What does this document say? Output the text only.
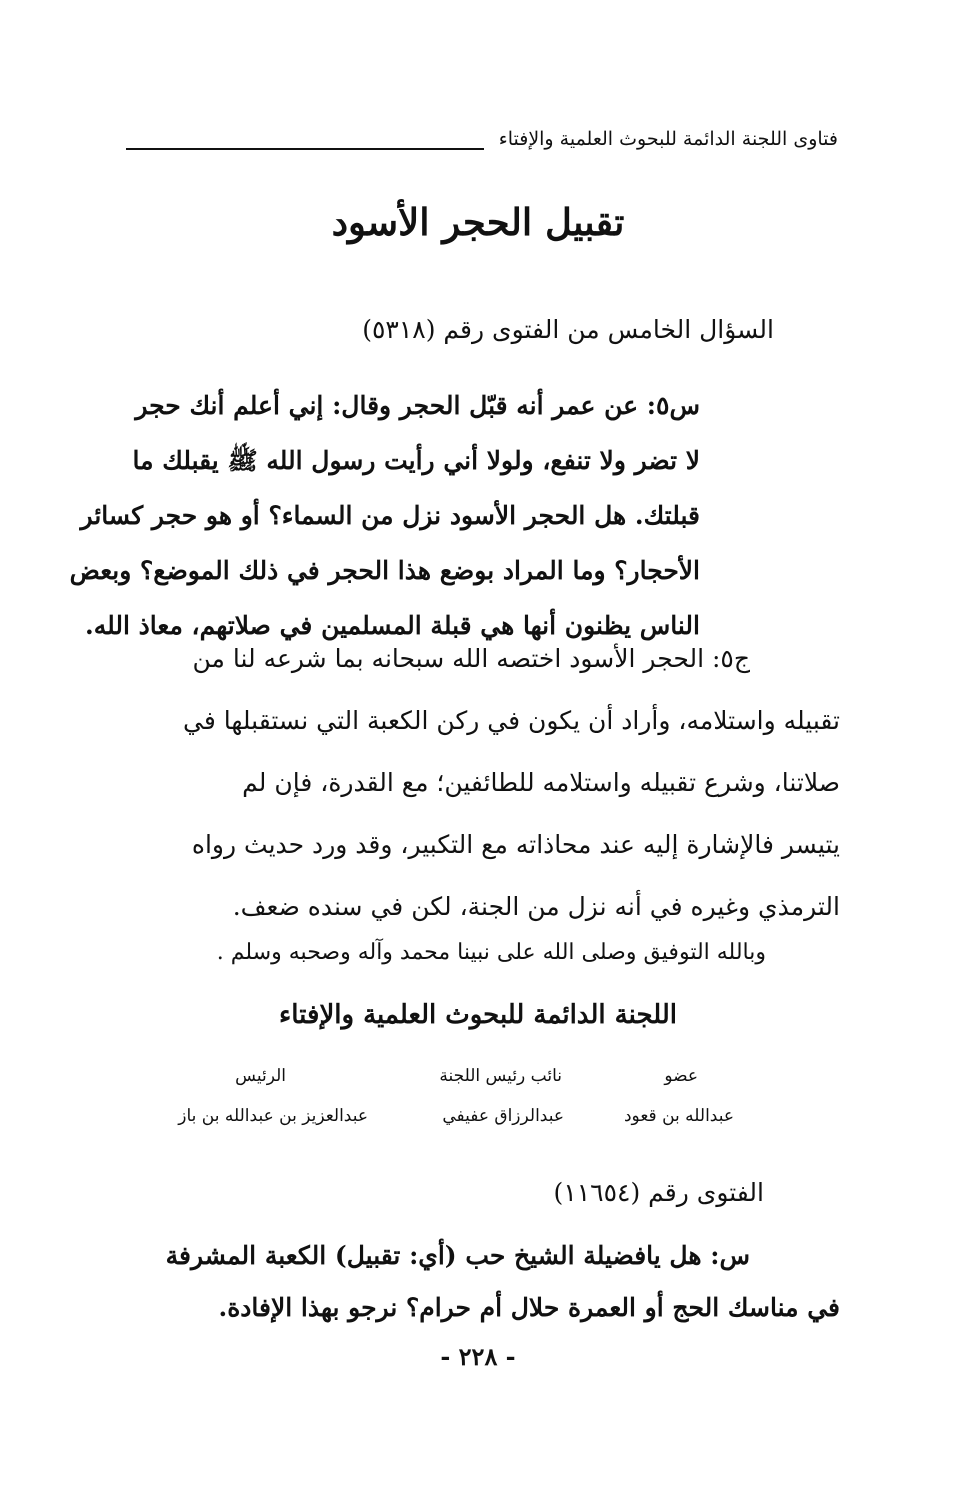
فتاوى اللجنة الدائمة للبحوث العلمية والإفتاء
تقبيل الحجر الأسود
السؤال الخامس من الفتوى رقم (٥٣١٨)
س٥: عن عمر أنه قبّل الحجر وقال: إني أعلم أنك حجر
لا تضر ولا تنفع، ولولا أني رأيت رسول الله ﷺ يقبلك ما
قبلتك. هل الحجر الأسود نزل من السماء؟ أو هو حجر كسائر
الأحجار؟ وما المراد بوضع هذا الحجر في ذلك الموضع؟ وبعض
الناس يظنون أنها هي قبلة المسلمين في صلاتهم، معاذ الله.
ج٥: الحجر الأسود اختصه الله سبحانه بما شرعه لنا من
تقبيله واستلامه، وأراد أن يكون في ركن الكعبة التي نستقبلها في
صلاتنا، وشرع تقبيله واستلامه للطائفين؛ مع القدرة، فإن لم
يتيسر فالإشارة إليه عند محاذاته مع التكبير، وقد ورد حديث رواه
الترمذي وغيره في أنه نزل من الجنة، لكن في سنده ضعف.
وبالله التوفيق وصلى الله على نبينا محمد وآله وصحبه وسلم .
اللجنة الدائمة للبحوث العلمية والإفتاء
عضو
عبدالله بن قعود
نائب رئيس اللجنة
عبدالرزاق عفيفي
الرئيس
عبدالعزيز بن عبدالله بن باز
الفتوى رقم (١١٦٥٤)
س: هل يافضيلة الشيخ حب (أي: تقبيل) الكعبة المشرفة
في مناسك الحج أو العمرة حلال أم حرام؟ نرجو بهذا الإفادة.
- ٢٢٨ -
